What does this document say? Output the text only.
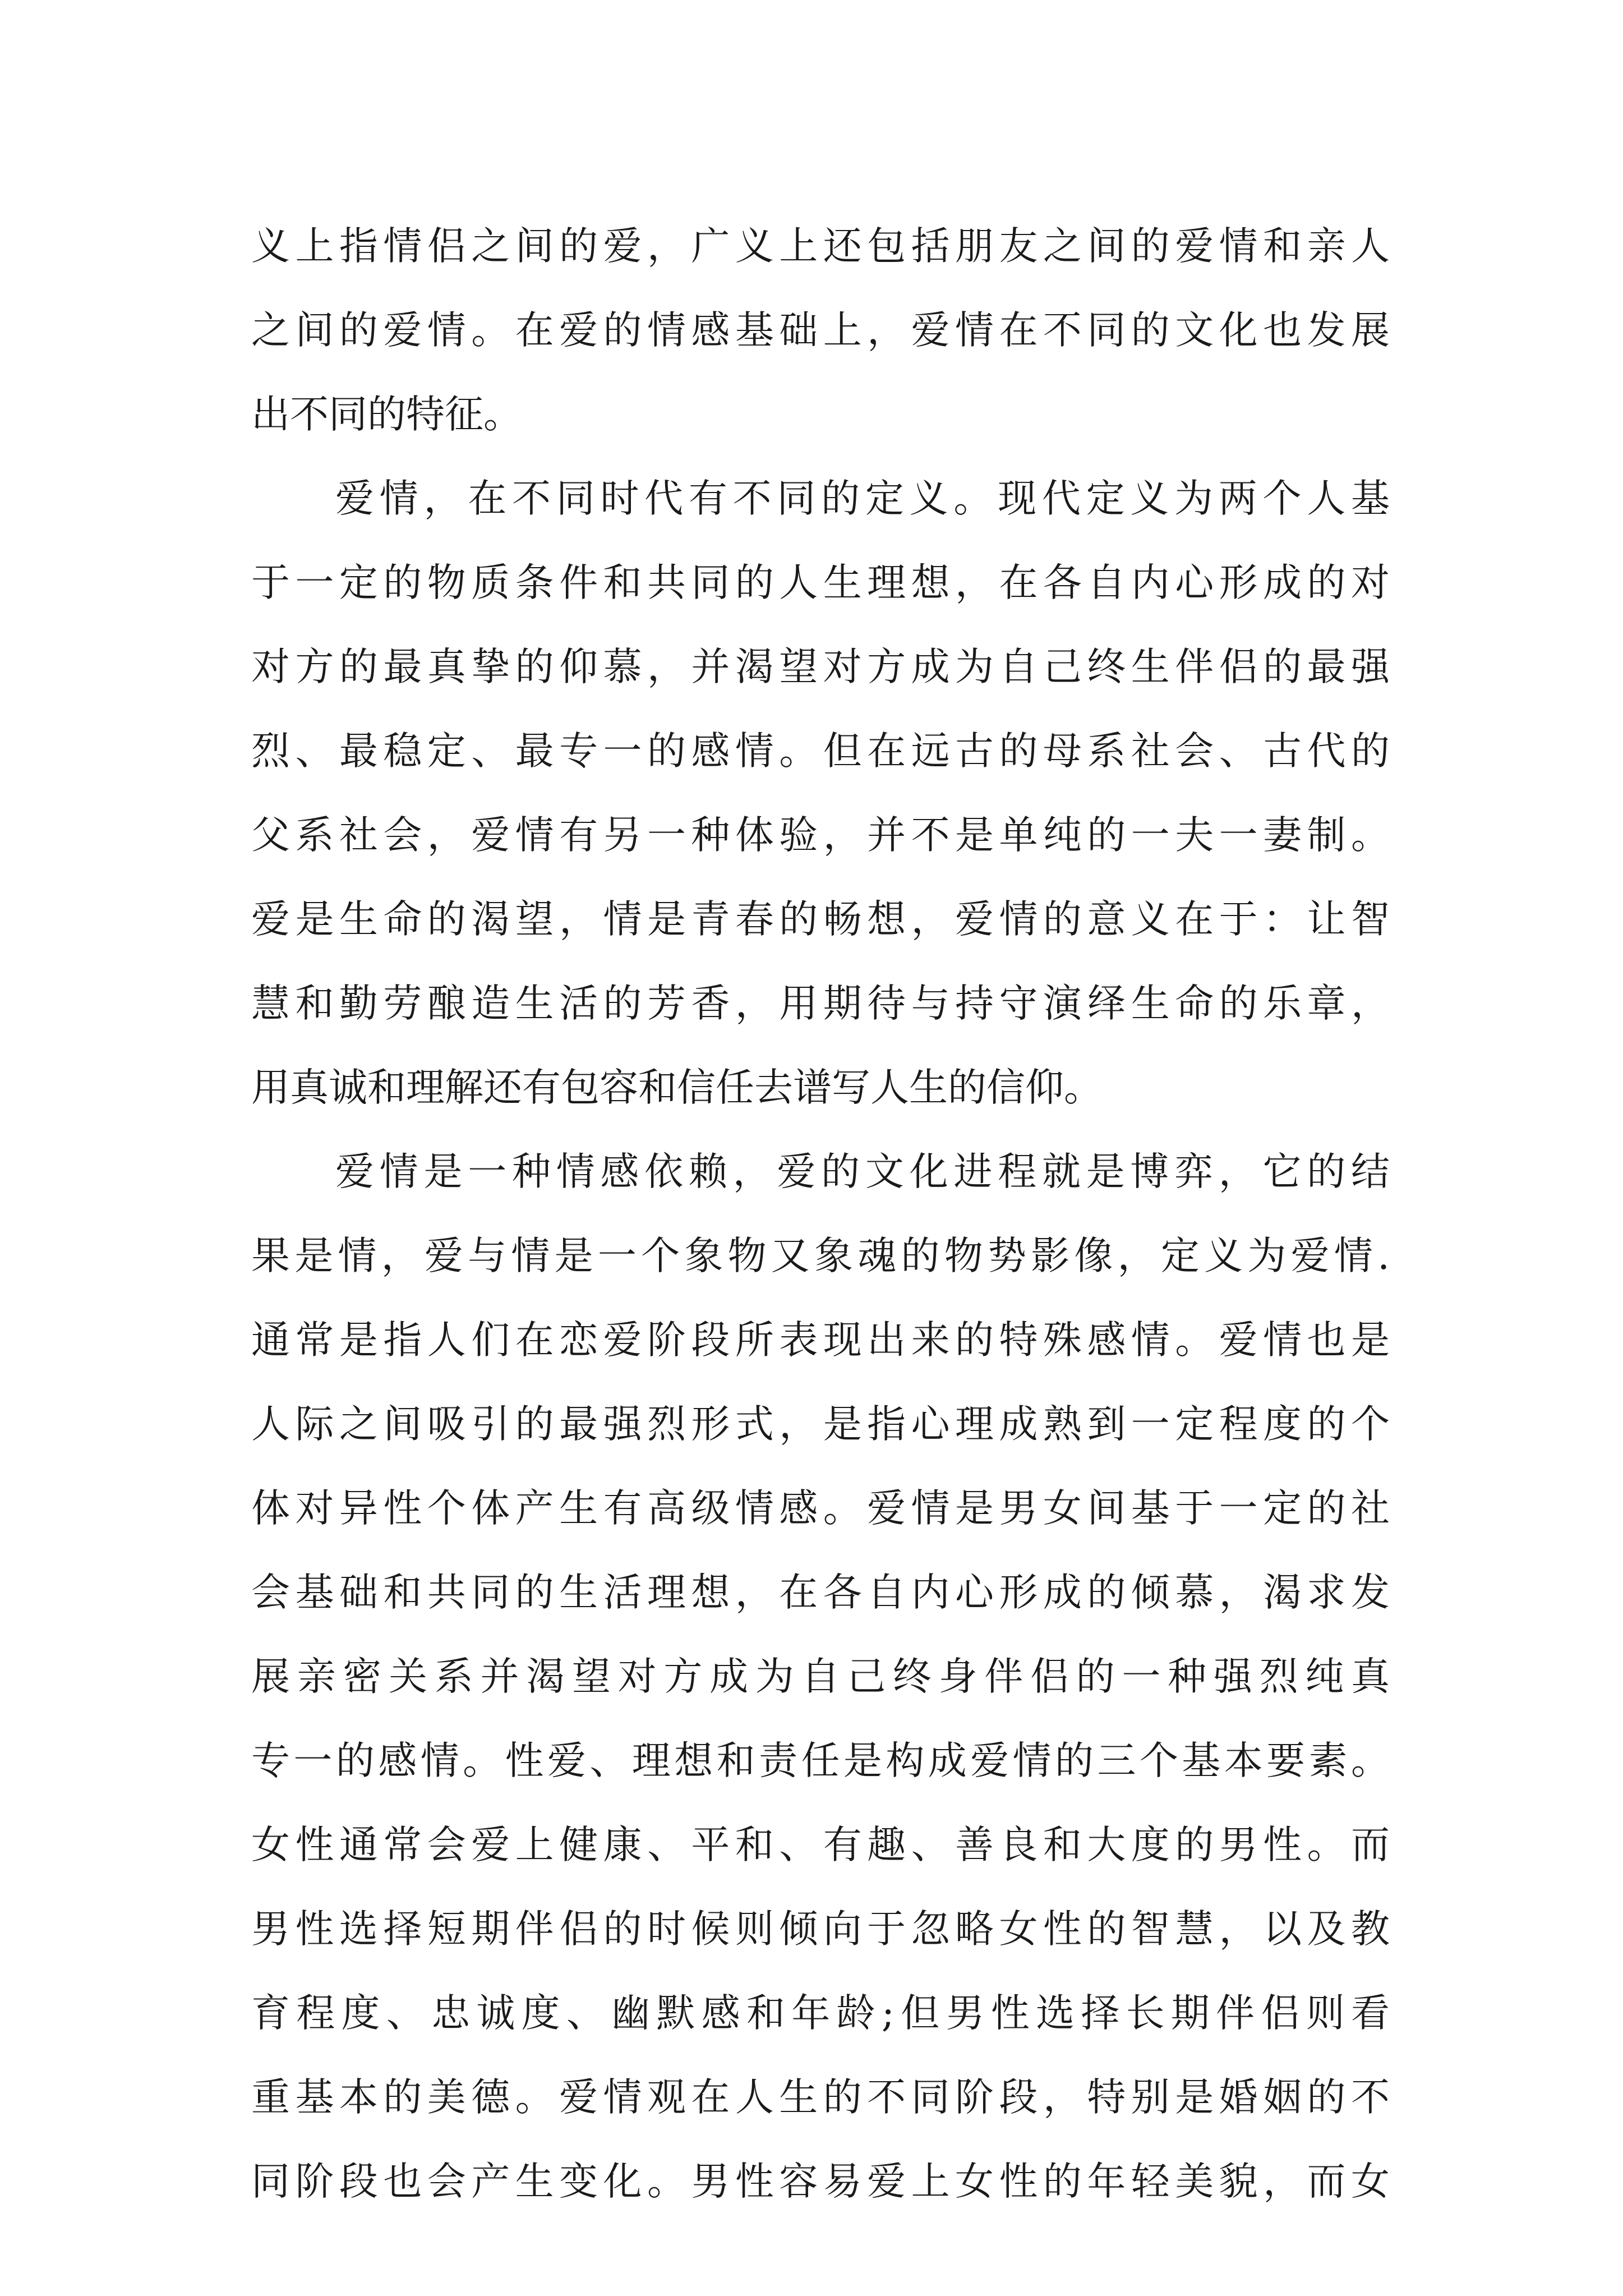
义上指情侣之间的爱，广义上还包括朋友之间的爱情和亲人
之间的爱情。在爱的情感基础上，爱情在不同的文化也发展
出不同的特征。
爱情，在不同时代有不同的定义。现代定义为两个人基
于一定的物质条件和共同的人生理想，在各自内心形成的对
对方的最真挚的仰慕，并渴望对方成为自己终生伴侣的最强
烈、最稳定、最专一的感情。但在远古的母系社会、古代的
父系社会，爱情有另一种体验，并不是单纯的一夫一妻制。
爱是生命的渴望，情是青春的畅想，爱情的意义在于：让智
慧和勤劳酿造生活的芳香，用期待与持守演绎生命的乐章，
用真诚和理解还有包容和信任去谱写人生的信仰。
爱情是一种情感依赖，爱的文化进程就是博弈，它的结
果是情，爱与情是一个象物又象魂的物势影像，定义为爱情.
通常是指人们在恋爱阶段所表现出来的特殊感情。爱情也是
人际之间吸引的最强烈形式，是指心理成熟到一定程度的个
体对异性个体产生有高级情感。爱情是男女间基于一定的社
会基础和共同的生活理想，在各自内心形成的倾慕，渴求发
展亲密关系并渴望对方成为自己终身伴侣的一种强烈纯真
专一的感情。性爱、理想和责任是构成爱情的三个基本要素。
女性通常会爱上健康、平和、有趣、善良和大度的男性。而
男性选择短期伴侣的时候则倾向于忽略女性的智慧，以及教
育程度、忠诚度、幽默感和年龄;但男性选择长期伴侣则看
重基本的美德。爱情观在人生的不同阶段，特别是婚姻的不
同阶段也会产生变化。男性容易爱上女性的年轻美貌，而女
